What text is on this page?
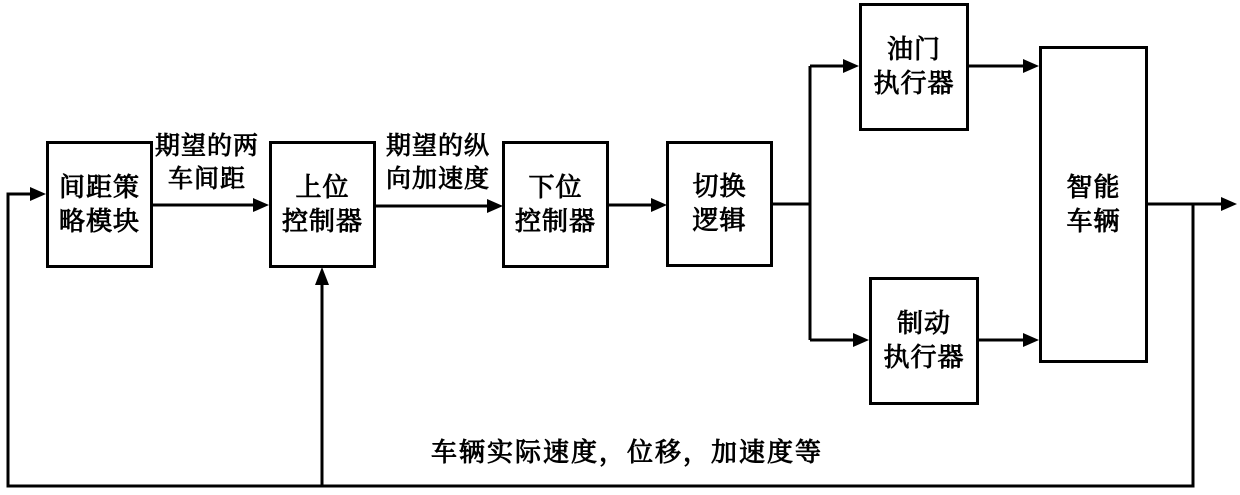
间距策
略模块
上位
控制器
下位
控制器
切换
逻辑
油门
执行器
制动
执行器
智能
车辆
期望的两
车间距
期望的纵
向加速度
车辆实际速度，位移，加速度等
